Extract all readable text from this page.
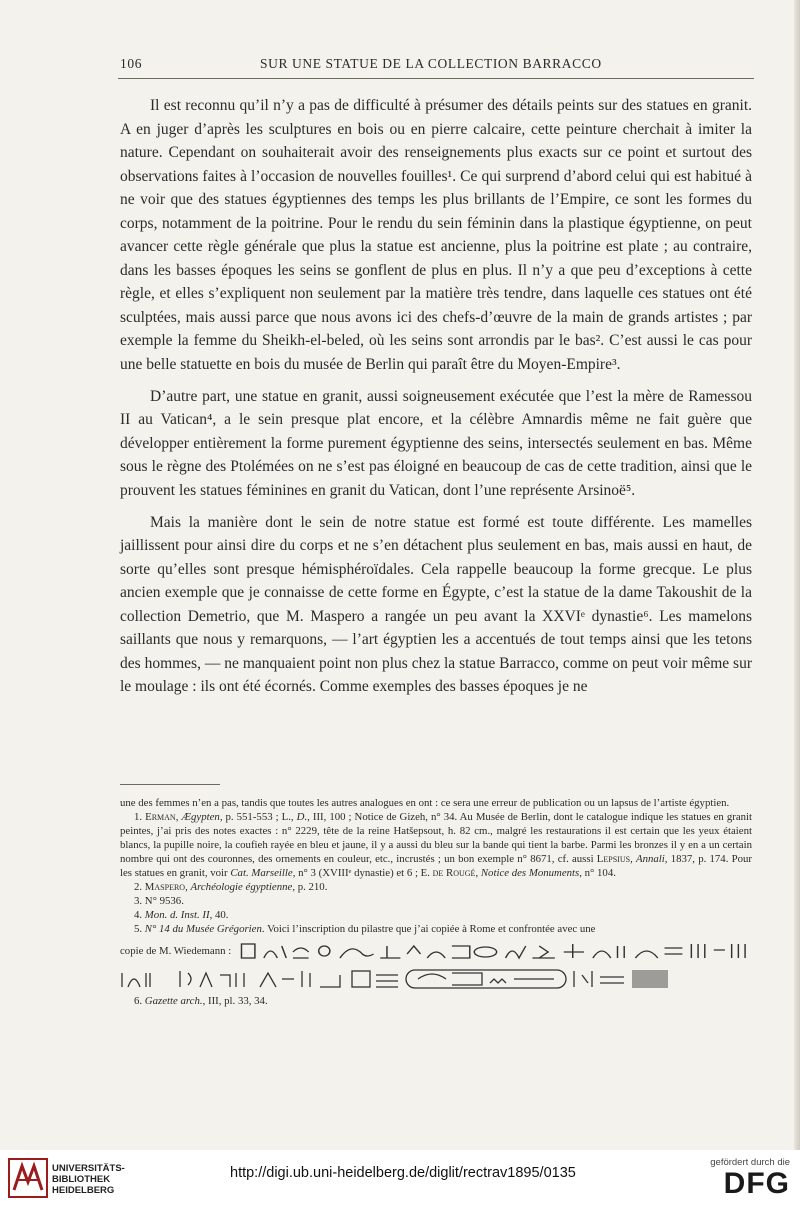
106	SUR UNE STATUE DE LA COLLECTION BARRACCO

Il est reconnu qu’il n’y a pas de difficulté à présumer des détails peints sur des statues en granit. A en juger d’après les sculptures en bois ou en pierre calcaire, cette peinture cherchait à imiter la nature. Cependant on souhaiterait avoir des renseignements plus exacts sur ce point et surtout des observations faites à l’occasion de nouvelles fouilles¹. Ce qui surprend d’abord celui qui est habitué à ne voir que des statues égyptiennes des temps les plus brillants de l’Empire, ce sont les formes du corps, notamment de la poitrine. Pour le rendu du sein féminin dans la plastique égyptienne, on peut avancer cette règle générale que plus la statue est ancienne, plus la poitrine est plate ; au contraire, dans les basses époques les seins se gonflent de plus en plus. Il n’y a que peu d’exceptions à cette règle, et elles s’expliquent non seulement par la matière très tendre, dans laquelle ces statues ont été sculptées, mais aussi parce que nous avons ici des chefs-d’œuvre de la main de grands artistes ; par exemple la femme du Sheikh-el-beled, où les seins sont arrondis par le bas². C’est aussi le cas pour une belle statuette en bois du musée de Berlin qui paraît être du Moyen-Empire³.

D’autre part, une statue en granit, aussi soigneusement exécutée que l’est la mère de Ramessou II au Vatican⁴, a le sein presque plat encore, et la célèbre Amnardis même ne fait guère que développer entièrement la forme purement égyptienne des seins, intersectés seulement en bas. Même sous le règne des Ptolémées on ne s’est pas éloigné en beaucoup de cas de cette tradition, ainsi que le prouvent les statues féminines en granit du Vatican, dont l’une représente Arsinoë⁵.

Mais la manière dont le sein de notre statue est formé est toute différente. Les mamelles jaillissent pour ainsi dire du corps et ne s’en détachent plus seulement en bas, mais aussi en haut, de sorte qu’elles sont presque hémisphéroïdales. Cela rappelle beaucoup la forme grecque. Le plus ancien exemple que je connaisse de cette forme en Égypte, c’est la statue de la dame Takoushit de la collection Demetrio, que M. Maspero a rangée un peu avant la XXVIᵉ dynastie⁶. Les mamelons saillants que nous y remarquons, — l’art égyptien les a accentués de tout temps ainsi que les tetons des hommes, — ne manquaient point non plus chez la statue Barracco, comme on peut voir même sur le moulage : ils ont été écornés. Comme exemples des basses époques je ne

une des femmes n’en a pas, tandis que toutes les autres analogues en ont : ce sera une erreur de publication ou un lapsus de l’artiste égyptien.

1. Erman, Ægypten, p. 551-553 ; L., D., III, 100 ; Notice de Gizeh, n° 34. Au Musée de Berlin, dont le catalogue indique les statues en granit peintes, j’ai pris des notes exactes : n° 2229, tête de la reine Hatšepsout, h. 82 cm., malgré les restaurations il est certain que les yeux étaient blancs, la pupille noire, la coufieh rayée en bleu et jaune, il y a aussi du bleu sur la bande qui tient la barbe. Parmi les bronzes il y en a un certain nombre qui ont des couronnes, des ornements en couleur, etc., incrustés ; un bon exemple n° 8671, cf. aussi Lepsius, Annali, 1837, p. 174. Pour les statues en granit, voir Cat. Marseille, n° 3 (XVIIIᵉ dynastie) et 6 ; E. de Rougé, Notice des Monuments, n° 104.

2. Maspero, Archéologie égyptienne, p. 210.

3. N° 9536.

4. Mon. d. Inst. II, 40.

5. N° 14 du Musée Grégorien. Voici l’inscription du pilastre que j’ai copiée à Rome et confrontée avec une

copie de M. Wiedemann :

6. Gazette arch., III, pl. 33, 34.

UNIVERSITÄTS-
BIBLIOTHEK
HEIDELBERG
http://digi.ub.uni-heidelberg.de/diglit/rectrav1895/0135
gefördert durch die
DFG
